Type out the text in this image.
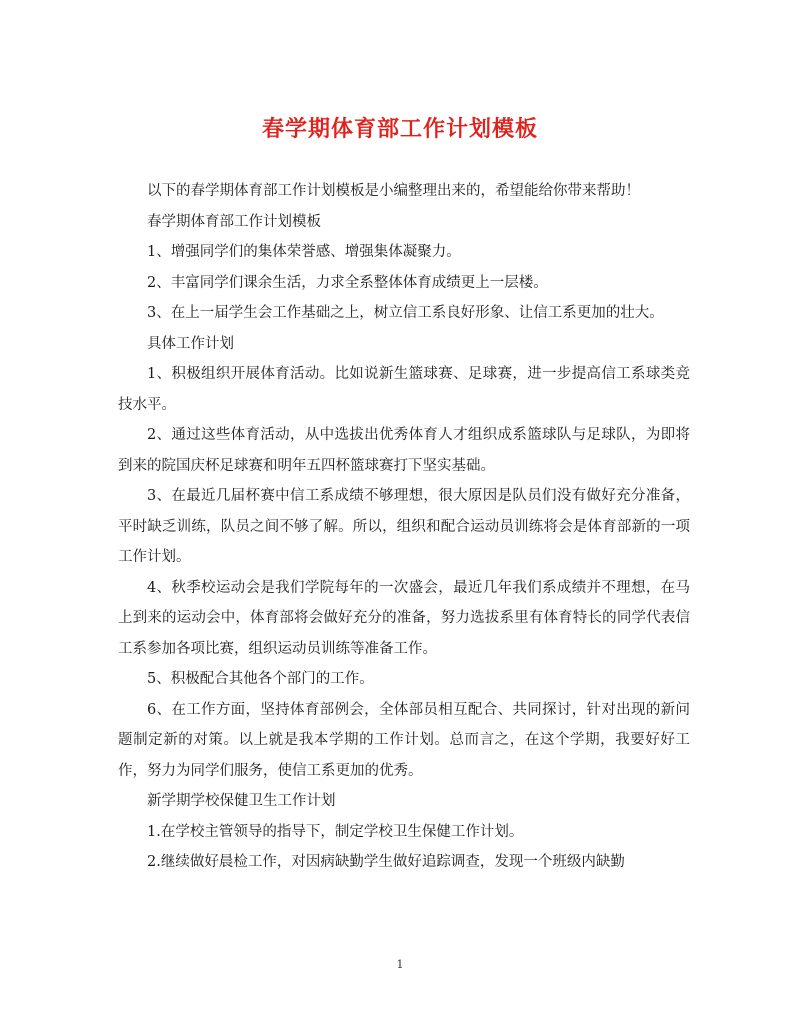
春学期体育部工作计划模板

以下的春学期体育部工作计划模板是小编整理出来的，希望能给你带来帮助！

春学期体育部工作计划模板

1、增强同学们的集体荣誉感、增强集体凝聚力。

2、丰富同学们课余生活，力求全系整体体育成绩更上一层楼。

3、在上一届学生会工作基础之上，树立信工系良好形象、让信工系更加的壮大。

具体工作计划

1、积极组织开展体育活动。比如说新生篮球赛、足球赛，进一步提高信工系球类竞技水平。

2、通过这些体育活动，从中选拔出优秀体育人才组织成系篮球队与足球队，为即将到来的院国庆杯足球赛和明年五四杯篮球赛打下坚实基础。

3、在最近几届杯赛中信工系成绩不够理想，很大原因是队员们没有做好充分准备，平时缺乏训练，队员之间不够了解。所以，组织和配合运动员训练将会是体育部新的一项工作计划。

4、秋季校运动会是我们学院每年的一次盛会，最近几年我们系成绩并不理想，在马上到来的运动会中，体育部将会做好充分的准备，努力选拔系里有体育特长的同学代表信工系参加各项比赛，组织运动员训练等准备工作。

5、积极配合其他各个部门的工作。

6、在工作方面，坚持体育部例会，全体部员相互配合、共同探讨，针对出现的新问题制定新的对策。以上就是我本学期的工作计划。总而言之，在这个学期，我要好好工作，努力为同学们服务，使信工系更加的优秀。

新学期学校保健卫生工作计划

1.在学校主管领导的指导下，制定学校卫生保健工作计划。

2.继续做好晨检工作，对因病缺勤学生做好追踪调查，发现一个班级内缺勤

1
